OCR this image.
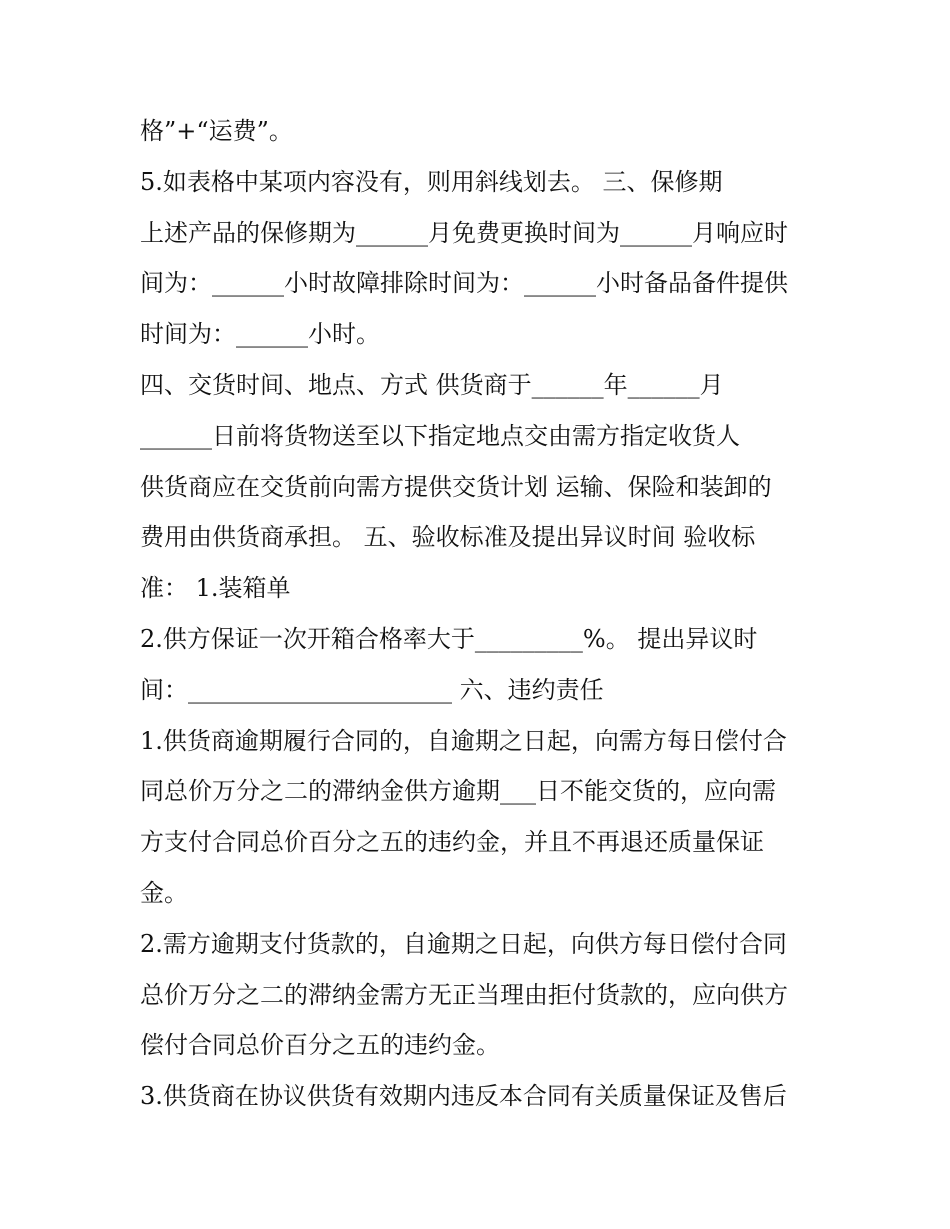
格”+“运费”。
5.如表格中某项内容没有，则用斜线划去。 三、保修期
上述产品的保修期为______月免费更换时间为______月响应时
间为：______小时故障排除时间为：______小时备品备件提供
时间为：______小时。
四、交货时间、地点、方式 供货商于______年______月
______日前将货物送至以下指定地点交由需方指定收货人
供货商应在交货前向需方提供交货计划 运输、保险和装卸的
费用由供货商承担。 五、验收标准及提出异议时间 验收标
准： 1.装箱单
2.供方保证一次开箱合格率大于_________%。 提出异议时
间：______________________ 六、违约责任
1.供货商逾期履行合同的，自逾期之日起，向需方每日偿付合
同总价万分之二的滞纳金供方逾期___日不能交货的，应向需
方支付合同总价百分之五的违约金，并且不再退还质量保证
金。
2.需方逾期支付货款的，自逾期之日起，向供方每日偿付合同
总价万分之二的滞纳金需方无正当理由拒付货款的，应向供方
偿付合同总价百分之五的违约金。
3.供货商在协议供货有效期内违反本合同有关质量保证及售后
